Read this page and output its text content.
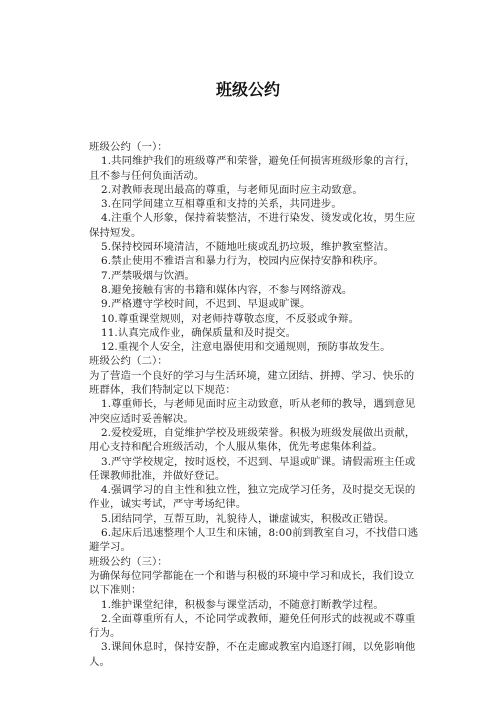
班级公约

班级公约（一）：

1.共同维护我们的班级尊严和荣誉，避免任何损害班级形象的言行，且不参与任何负面活动。

2.对教师表现出最高的尊重，与老师见面时应主动致意。

3.在同学间建立互相尊重和支持的关系，共同进步。

4.注重个人形象，保持着装整洁，不进行染发、烫发或化妆，男生应保持短发。

5.保持校园环境清洁，不随地吐痰或乱扔垃圾，维护教室整洁。

6.禁止使用不雅语言和暴力行为，校园内应保持安静和秩序。

7.严禁吸烟与饮酒。

8.避免接触有害的书籍和媒体内容，不参与网络游戏。

9.严格遵守学校时间，不迟到、早退或旷课。

10.尊重课堂规则，对老师持尊敬态度，不反驳或争辩。

11.认真完成作业，确保质量和及时提交。

12.重视个人安全，注意电器使用和交通规则，预防事故发生。

班级公约（二）：

为了营造一个良好的学习与生活环境，建立团结、拼搏、学习、快乐的班群体，我们特制定以下规范：

1.尊重师长，与老师见面时应主动致意，听从老师的教导，遇到意见冲突应适时妥善解决。

2.爱校爱班，自觉维护学校及班级荣誉。积极为班级发展做出贡献，用心支持和配合班级活动，个人服从集体，优先考虑集体利益。

3.严守学校规定，按时返校，不迟到、早退或旷课。请假需班主任或任课教师批准，并做好登记。

4.强调学习的自主性和独立性，独立完成学习任务，及时提交无误的作业，诚实考试，严守考场纪律。

5.团结同学，互帮互助，礼貌待人，谦虚诚实，积极改正错误。

6.起床后迅速整理个人卫生和床铺，8:00前到教室自习，不找借口逃避学习。

班级公约（三）：

为确保每位同学都能在一个和谐与积极的环境中学习和成长，我们设立以下准则：

1.维护课堂纪律，积极参与课堂活动，不随意打断教学过程。

2.全面尊重所有人，不论同学或教师，避免任何形式的歧视或不尊重行为。

3.课间休息时，保持安静，不在走廊或教室内追逐打闹，以免影响他人。
